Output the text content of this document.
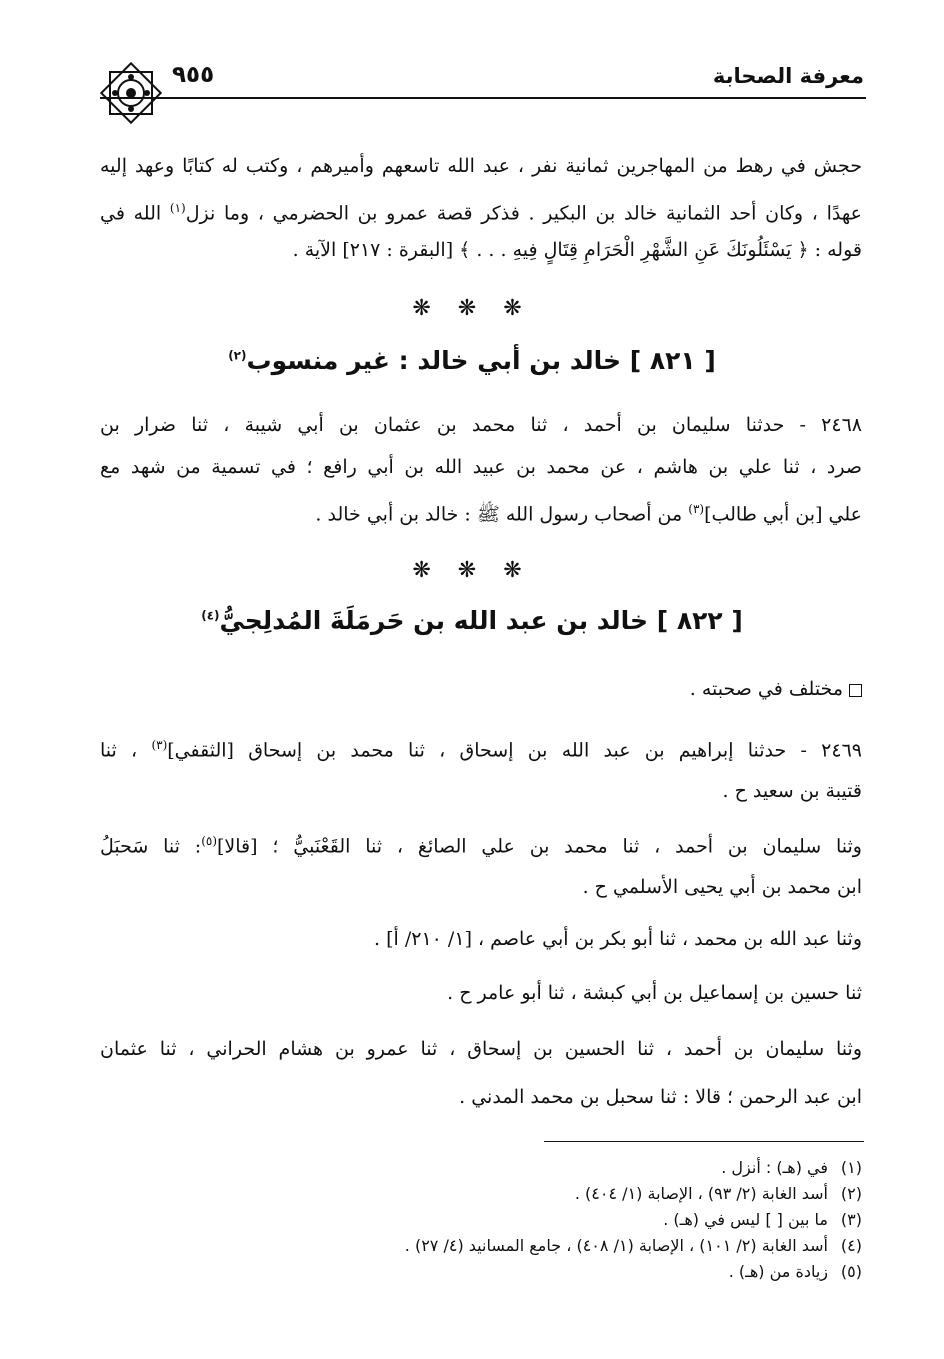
معرفة الصحابة
٩٥٥
حجش في رهط من المهاجرين ثمانية نفر ، عبد الله تاسعهم وأميرهم ، وكتب له كتابًا وعهد إليه
عهدًا ، وكان أحد الثمانية خالد بن البكير . فذكر قصة عمرو بن الحضرمي ، وما نزل$^{(١)}$ الله في
قوله : ﴿ يَسْئَلُونَكَ عَنِ الشَّهْرِ الْحَرَامِ قِتَالٍ فِيهِ . . . ﴾ [البقرة : ٢١٧] الآية .
❋ ❋ ❋
[ ٨٢١ ] خالد بن أبي خالد : غير منسوب$^{(٢)}$
٢٤٦٨ - حدثنا سليمان بن أحمد ، ثنا محمد بن عثمان بن أبي شيبة ، ثنا ضرار بن
صرد ، ثنا علي بن هاشم ، عن محمد بن عبيد الله بن أبي رافع ؛ في تسمية من شهد مع
علي [بن أبي طالب]$^{(٣)}$ من أصحاب رسول الله ﷺ : خالد بن أبي خالد .
❋ ❋ ❋
[ ٨٢٢ ] خالد بن عبد الله بن حَرمَلَةَ المُدلِجيُّ$^{(٤)}$
مختلف في صحبته .
٢٤٦٩ - حدثنا إبراهيم بن عبد الله بن إسحاق ، ثنا محمد بن إسحاق [الثقفي]$^{(٣)}$ ، ثنا
قتيبة بن سعيد ح .
وثنا سليمان بن أحمد ، ثنا محمد بن علي الصائغ ، ثنا القَعْنَبيُّ ؛ [قالا]$^{(٥)}$: ثنا سَحبَلُ
ابن محمد بن أبي يحيى الأسلمي ح .
وثنا عبد الله بن محمد ، ثنا أبو بكر بن أبي عاصم ، [١/ ٢١٠/ أ] .
ثنا حسين بن إسماعيل بن أبي كبشة ، ثنا أبو عامر ح .
وثنا سليمان بن أحمد ، ثنا الحسين بن إسحاق ، ثنا عمرو بن هشام الحراني ، ثنا عثمان
ابن عبد الرحمن ؛ قالا : ثنا سحبل بن محمد المدني .
(١)في (هـ) : أنزل .
(٢)أسد الغابة (٢/ ٩٣) ، الإصابة (١/ ٤٠٤) .
(٣)ما بين [ ] ليس في (هـ) .
(٤)أسد الغابة (٢/ ١٠١) ، الإصابة (١/ ٤٠٨) ، جامع المسانيد (٤/ ٢٧) .
(٥)زيادة من (هـ) .
